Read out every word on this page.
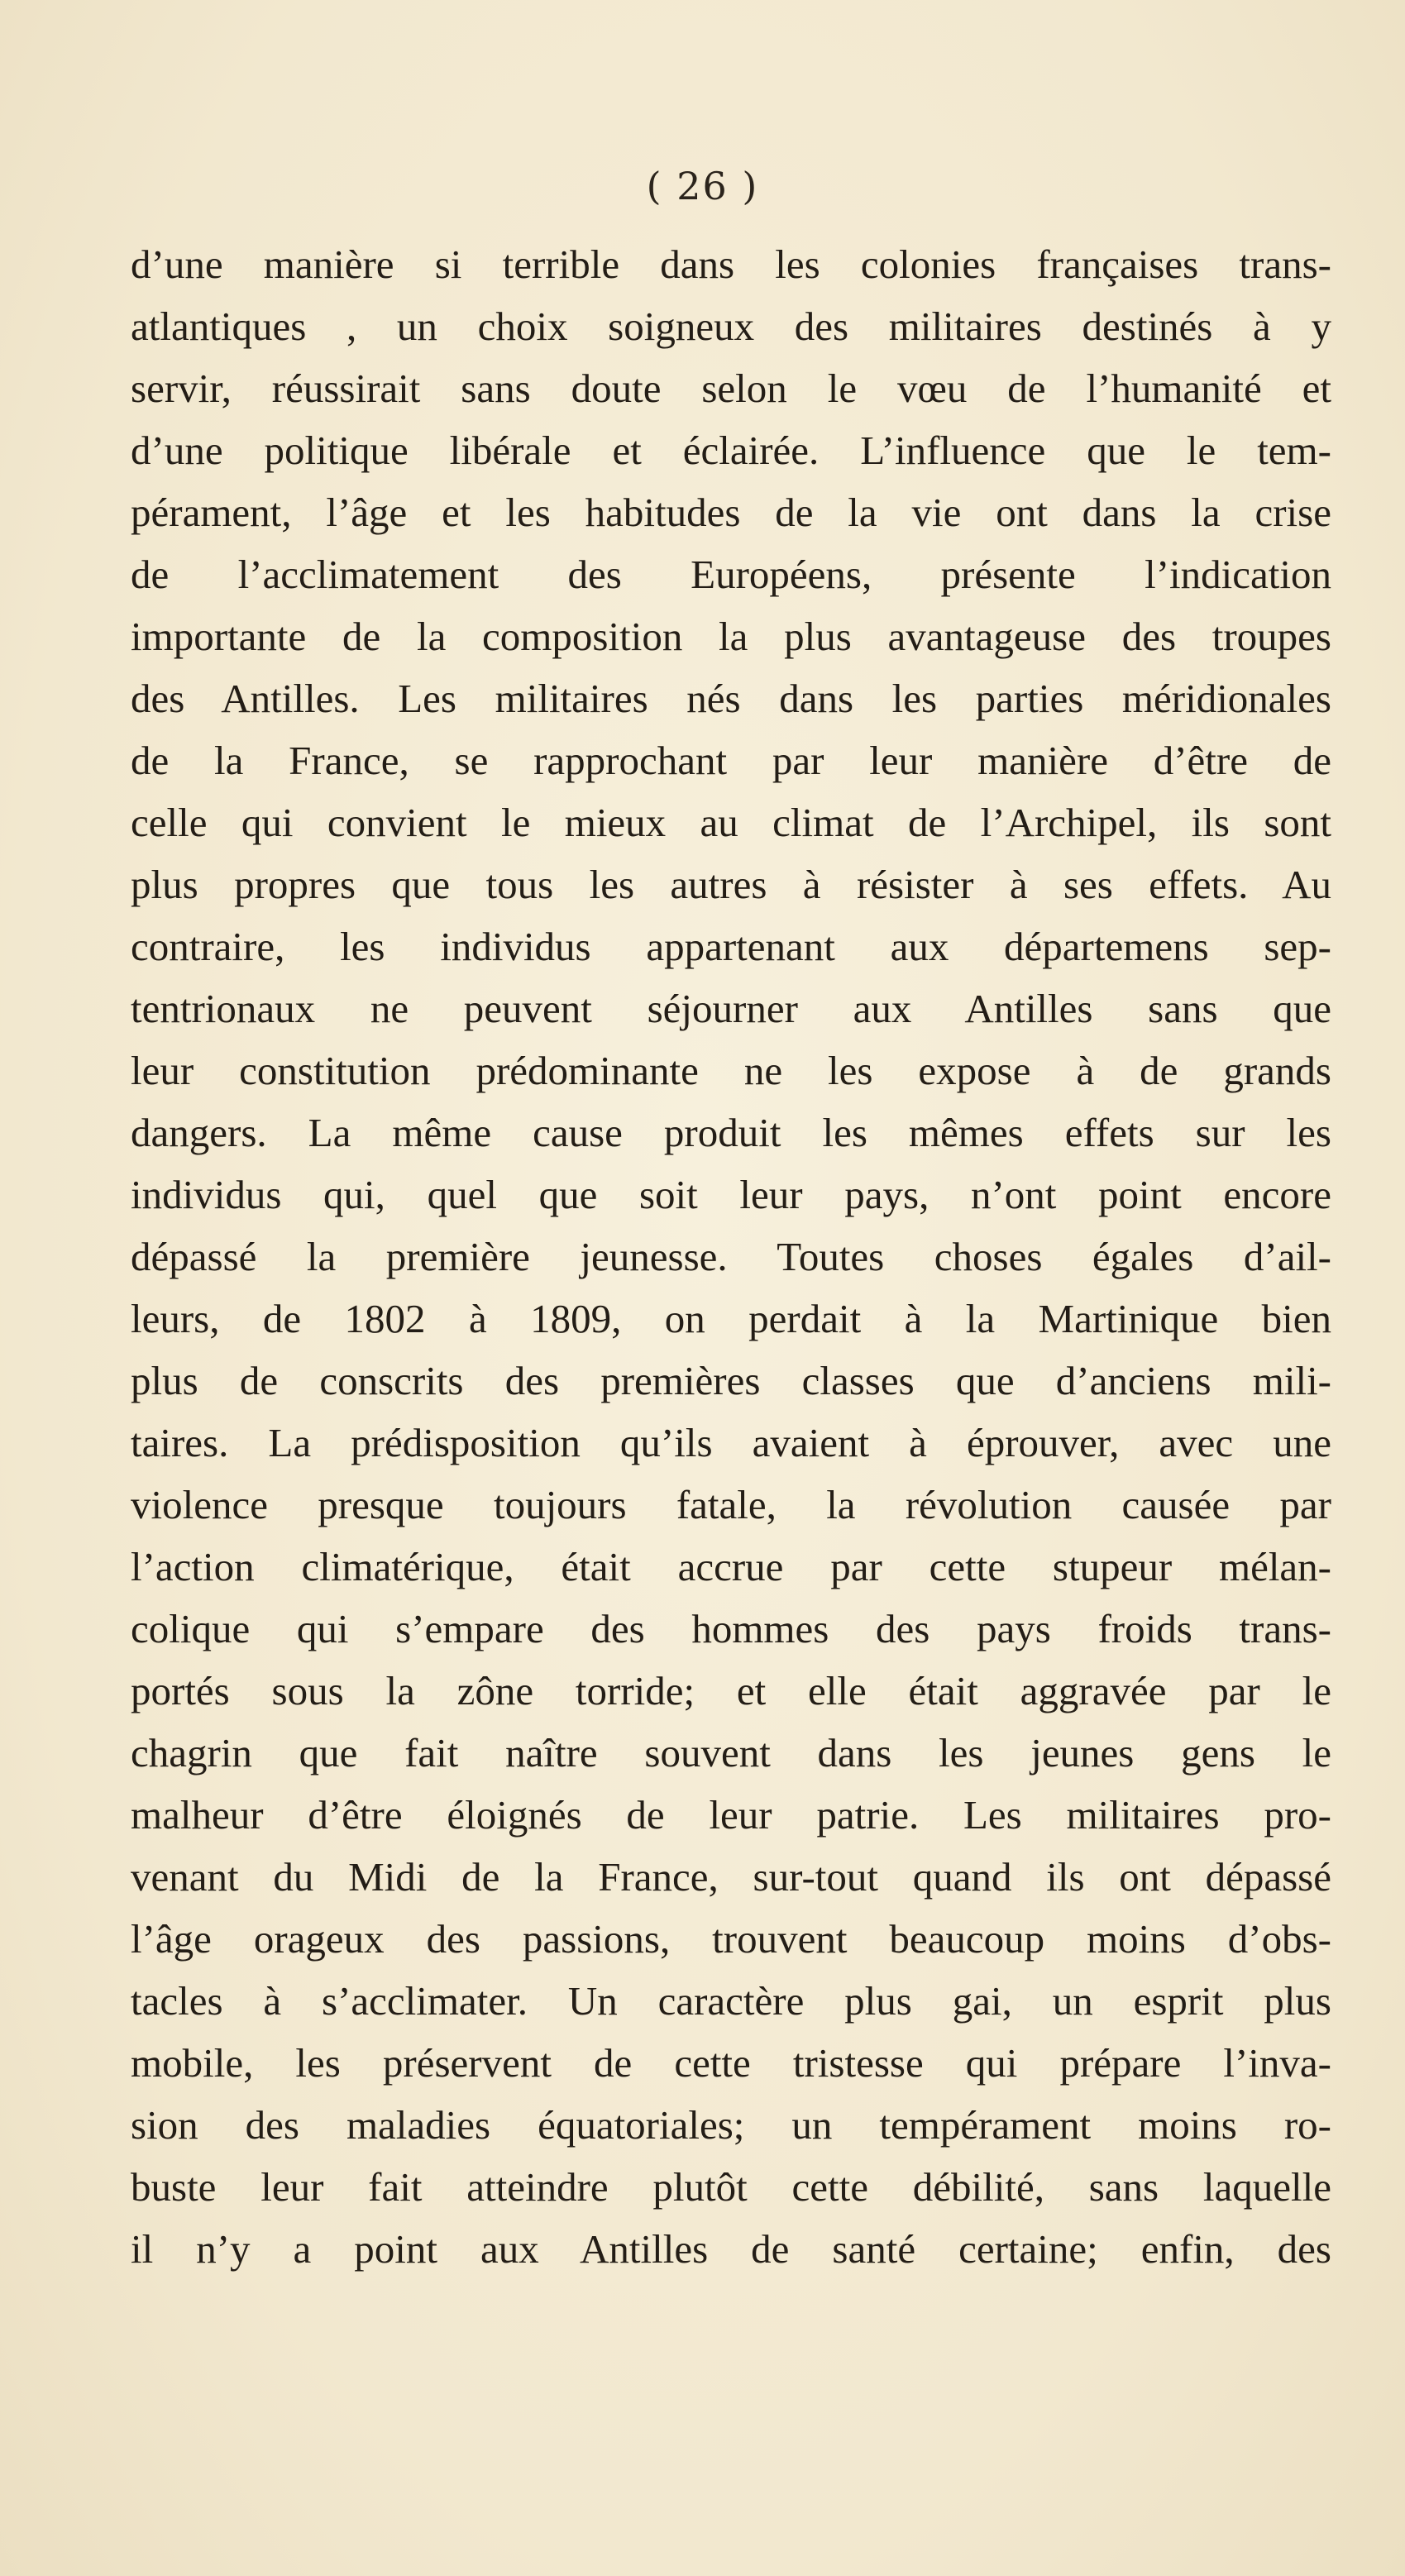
( 26 )
d’une manière si terrible dans les colonies françaises trans-
atlantiques , un choix soigneux des militaires destinés à y
servir, réussirait sans doute selon le vœu de l’humanité et
d’une politique libérale et éclairée. L’influence que le tem-
pérament, l’âge et les habitudes de la vie ont dans la crise
de l’acclimatement des Européens, présente l’indication
importante de la composition la plus avantageuse des troupes
des Antilles. Les militaires nés dans les parties méridionales
de la France, se rapprochant par leur manière d’être de
celle qui convient le mieux au climat de l’Archipel, ils sont
plus propres que tous les autres à résister à ses effets. Au
contraire, les individus appartenant aux départemens sep-
tentrionaux ne peuvent séjourner aux Antilles sans que
leur constitution prédominante ne les expose à de grands
dangers. La même cause produit les mêmes effets sur les
individus qui, quel que soit leur pays, n’ont point encore
dépassé la première jeunesse. Toutes choses égales d’ail-
leurs, de 1802 à 1809, on perdait à la Martinique bien
plus de conscrits des premières classes que d’anciens mili-
taires. La prédisposition qu’ils avaient à éprouver, avec une
violence presque toujours fatale, la révolution causée par
l’action climatérique, était accrue par cette stupeur mélan-
colique qui s’empare des hommes des pays froids trans-
portés sous la zône torride; et elle était aggravée par le
chagrin que fait naître souvent dans les jeunes gens le
malheur d’être éloignés de leur patrie. Les militaires pro-
venant du Midi de la France, sur-tout quand ils ont dépassé
l’âge orageux des passions, trouvent beaucoup moins d’obs-
tacles à s’acclimater. Un caractère plus gai, un esprit plus
mobile, les préservent de cette tristesse qui prépare l’inva-
sion des maladies équatoriales; un tempérament moins ro-
buste leur fait atteindre plutôt cette débilité, sans laquelle
il n’y a point aux Antilles de santé certaine; enfin, des
